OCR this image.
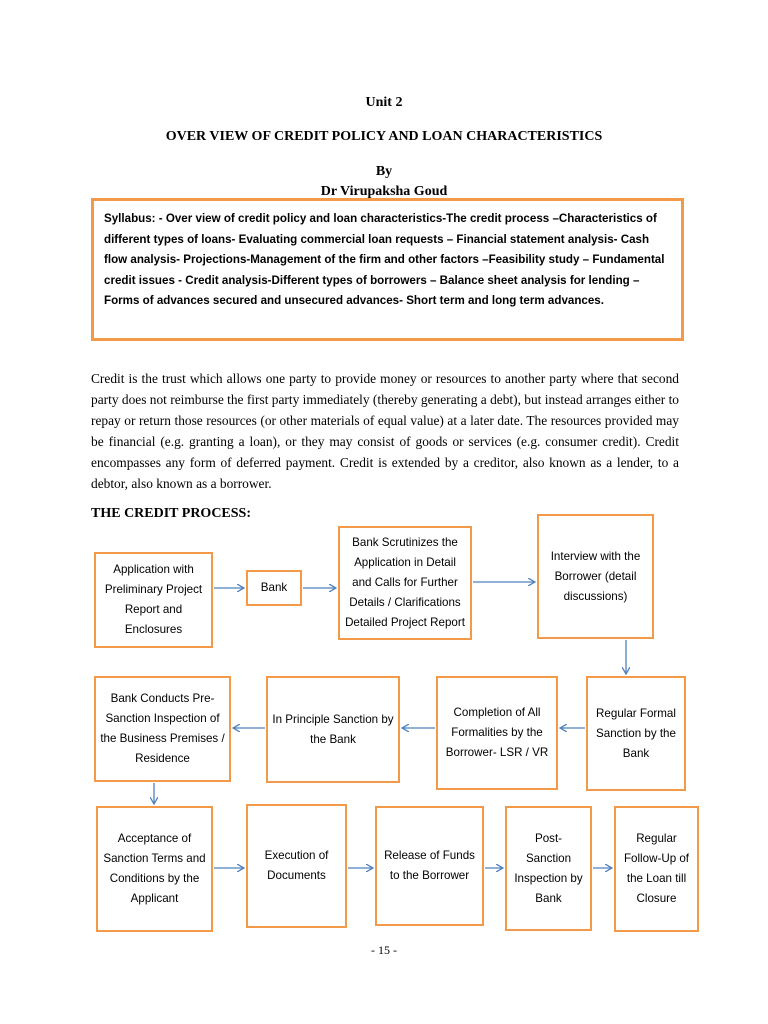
Unit 2
OVER VIEW OF CREDIT POLICY AND LOAN CHARACTERISTICS
By
Dr Virupaksha Goud
Syllabus: - Over view of credit policy and loan characteristics-The credit process –Characteristics of different types of loans- Evaluating commercial loan requests – Financial statement analysis- Cash flow analysis- Projections-Management of the firm and other factors –Feasibility study – Fundamental credit issues - Credit analysis-Different types of borrowers – Balance sheet analysis for lending – Forms of advances secured and unsecured advances- Short term and long term advances.

Credit is the trust which allows one party to provide money or resources to another party where that second party does not reimburse the first party immediately (thereby generating a debt), but instead arranges either to repay or return those resources (or other materials of equal value) at a later date. The resources provided may be financial (e.g. granting a loan), or they may consist of goods or services (e.g. consumer credit). Credit encompasses any form of deferred payment. Credit is extended by a creditor, also known as a lender, to a debtor, also known as a borrower.

THE CREDIT PROCESS:
Application with Preliminary Project Report and Enclosures
Bank
Bank Scrutinizes the Application in Detail and Calls for Further Details / Clarifications Detailed Project Report
Interview with the Borrower (detail discussions)
Bank Conducts Pre- Sanction Inspection of the Business Premises / Residence
In Principle Sanction by the Bank
Completion of All Formalities by the Borrower- LSR / VR
Regular Formal Sanction by the Bank
Acceptance of Sanction Terms and Conditions by the Applicant
Execution of Documents
Release of Funds to the Borrower
Post- Sanction Inspection by Bank
Regular Follow-Up of the Loan till Closure
- 15 -
